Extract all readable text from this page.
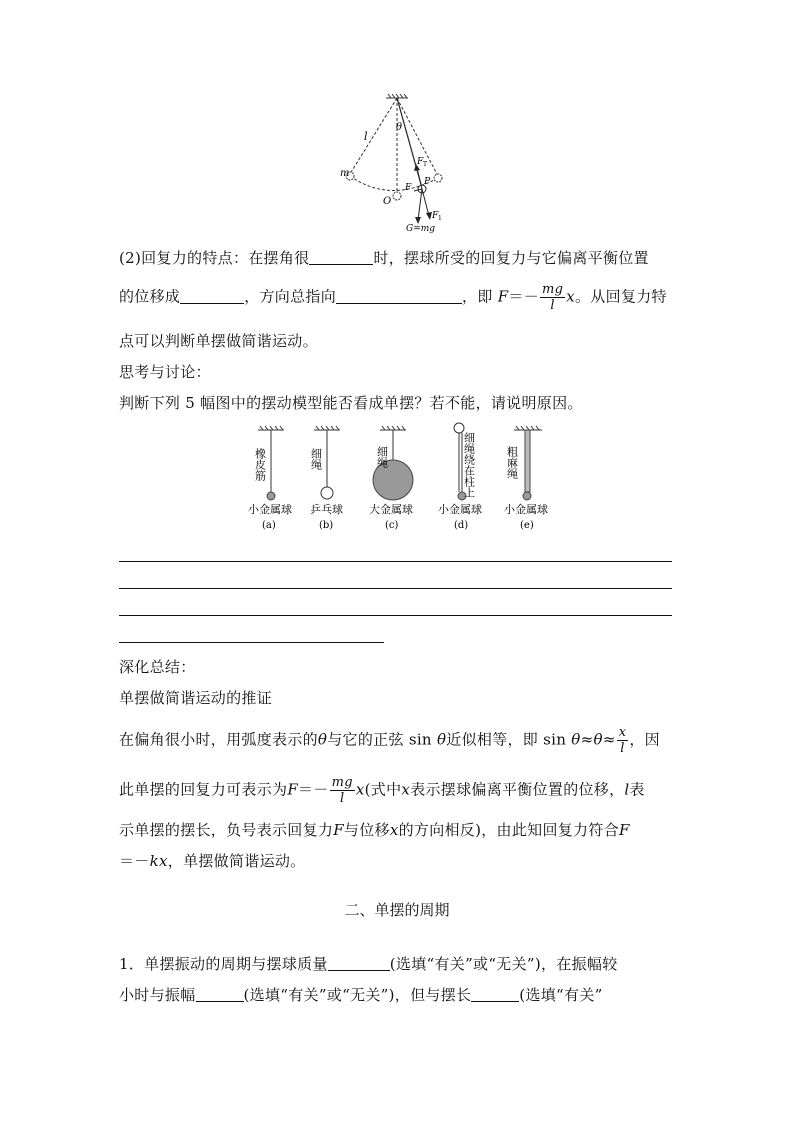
l
θ
F T
m
O
F
P
F 1
G=mg
(2)回复力的特点：在摆角很	时，摆球所受的回复力与它偏离平衡位置
的位移成	，方向总指向	，即 $F=- \frac{mg}{l}$ x。从回复力特
点可以判断单摆做简谐运动。
思考与讨论：
判断下列 5 幅图中的摆动模型能否看成单摆？若不能，请说明原因。
橡皮筋
小金属球
(a)
细绳
乒乓球
(b)
细绳
大金属球
(c)
细绳绕在柱上
小金属球
(d)
粗麻绳
小金属球
(e)
深化总结：
单摆做简谐运动的推证
在偏角很小时，用弧度表示的θ与它的正弦 sin θ近似相等，即 $\sin \theta\approx\theta\approx \frac{x}{l}$ ，因
此单摆的回复力可表示为$F=- \frac{mg}{l} x$(式中x表示摆球偏离平衡位置的位移，l表
示单摆的摆长，负号表示回复力F与位移x的方向相反)，由此知回复力符合F
＝－kx，单摆做简谐运动。
二、单摆的周期
1．单摆振动的周期与摆球质量	(选填“有关”或“无关”)，在振幅较
小时与振幅	(选填“有关”或“无关”)，但与摆长	(选填“有关”
